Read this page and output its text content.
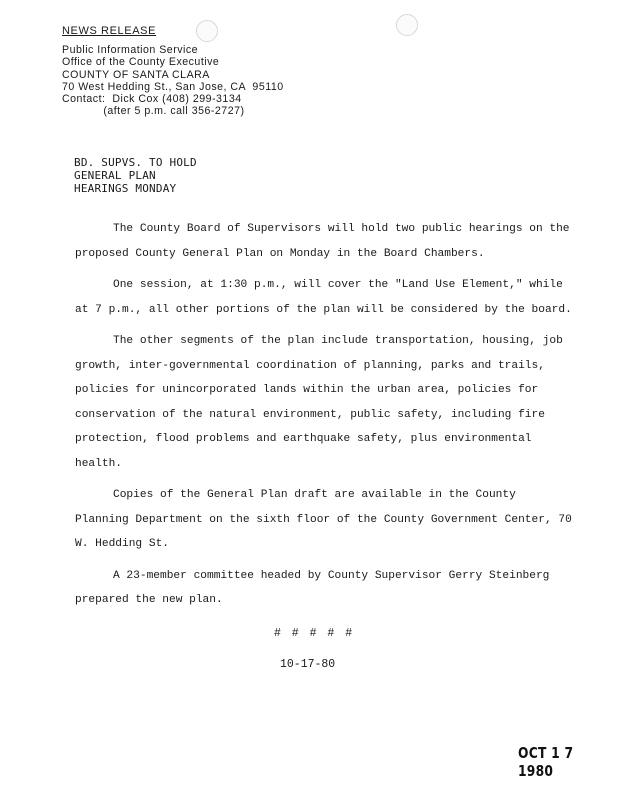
NEWS RELEASE
Public Information Service
Office of the County Executive
COUNTY OF SANTA CLARA
70 West Hedding St., San Jose, CA  95110
Contact:  Dick Cox (408) 299-3134
(after 5 p.m. call 356-2727)
BD. SUPVS. TO HOLD
GENERAL PLAN
HEARINGS MONDAY

The County Board of Supervisors will hold two public hearings on the proposed County General Plan on Monday in the Board Chambers.

One session, at 1:30 p.m., will cover the "Land Use Element," while at 7 p.m., all other portions of the plan will be considered by the board.

The other segments of the plan include transportation, housing, job growth, inter-governmental coordination of planning, parks and trails, policies for unincorporated lands within the urban area, policies for conservation of the natural environment, public safety, including fire protection, flood problems and earthquake safety, plus environmental health.

Copies of the General Plan draft are available in the County Planning Department on the sixth floor of the County Government Center, 70 W. Hedding St.

A 23-member committee headed by County Supervisor Gerry Steinberg prepared the new plan.

# # # # #
10-17-80
OCT 1 7 1980
